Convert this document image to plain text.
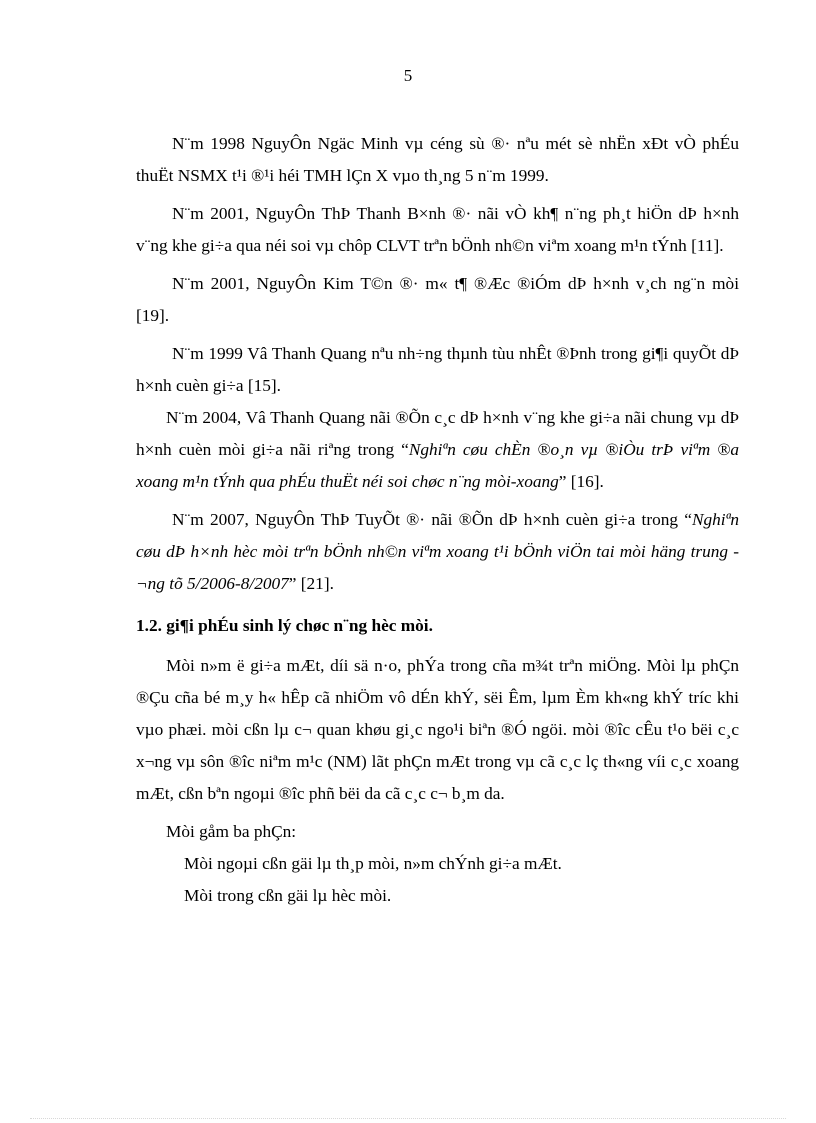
5

N¨m 1998 NguyÔn Ngäc Minh vµ céng sù ®· nªu mét sè nhËn xÐt vÒ phÉu thuËt NSMX t¹i ®¹i héi TMH lÇn X vµo th¸ng 5 n¨m 1999.

N¨m 2001, NguyÔn ThÞ Thanh B×nh ®· nãi vÒ kh¶ n¨ng ph¸t hiÖn dÞ h×nh v¨ng khe gi÷a qua néi soi vµ chôp CLVT trªn bÖnh nh©n viªm xoang m¹n tÝnh [11].

N¨m 2001, NguyÔn Kim T©n ®· m« t¶ ®Æc ®iÓm dÞ h×nh v¸ch ng¨n mòi [19].

N¨m 1999 Vâ Thanh Quang nªu nh÷ng thµnh tùu nhÊt ®Þnh trong gi¶i quyÕt dÞ h×nh cuèn gi÷a [15].

N¨m 2004, Vâ Thanh Quang nãi ®Õn c¸c dÞ h×nh v¨ng khe gi÷a nãi chung vµ dÞ h×nh cuèn mòi gi÷a nãi riªng trong “Nghiªn cøu chÈn ®o¸n vµ ®iÒu trÞ viªm ®a xoang m¹n tÝnh qua phÉu thuËt néi soi chøc n¨ng mòi-xoang” [16].

N¨m 2007, NguyÔn ThÞ TuyÕt ®· nãi ®Õn dÞ h×nh cuèn gi÷a trong “Nghiªn cøu dÞ h×nh hèc mòi trªn bÖnh nh©n viªm xoang t¹i bÖnh viÖn tai mòi häng trung ¬ng tõ 5/2006-8/2007” [21].

1.2. gi¶i phÉu sinh lý chøc n¨ng hèc mòi.

Mòi n»m ë gi÷a mÆt, díi sä n·o, phÝa trong cña m¾t trªn miÖng. Mòi lµ phÇn ®Çu cña bé m¸y h« hÊp cã nhiÖm vô dÉn khÝ, sëi Êm, lµm Èm kh«ng khÝ tríc khi vµo phæi. mòi cßn lµ c¬ quan khøu gi¸c ngo¹i biªn ®Ó ngöi. mòi ®îc cÊu t¹o bëi c¸c x¬ng vµ sôn ®îc niªm m¹c (NM) lãt phÇn mÆt trong vµ cã c¸c lç th«ng víi c¸c xoang mÆt, cßn bªn ngoµi ®îc phñ bëi da cã c¸c c¬ b¸m da.

Mòi gåm ba phÇn:

Mòi ngoµi cßn gäi lµ th¸p mòi, n»m chÝnh gi÷a mÆt.

Mòi trong cßn gäi lµ hèc mòi.
